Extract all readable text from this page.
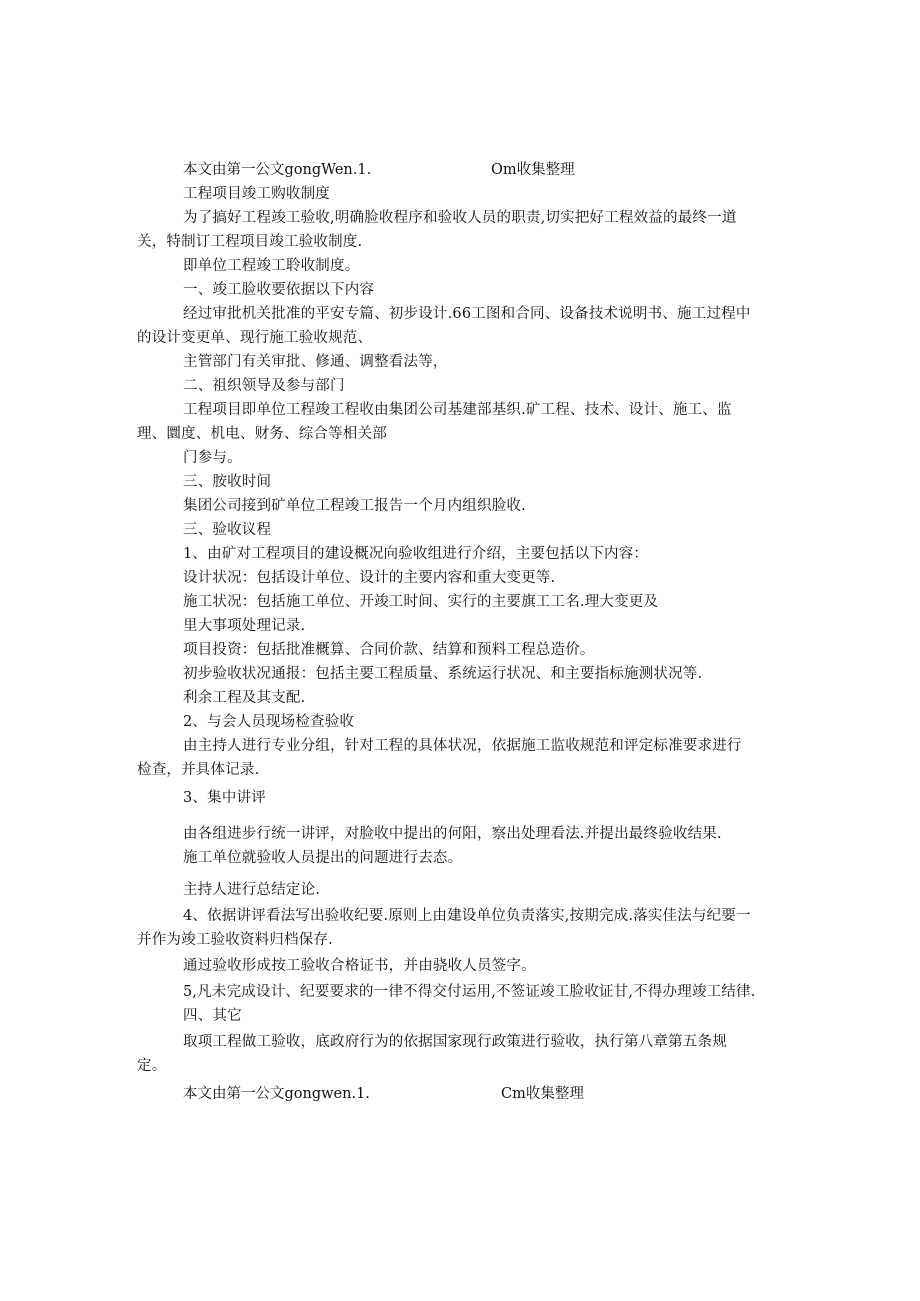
本文由第一公文gongWen.1.	Om收集整理
工程项目竣工购收制度
为了搞好工程竣工验收,明确脸收程序和验收人员的职责,切实把好工程效益的最终一道
关，特制订工程项目竣工验收制度.
即单位工程竣工聆收制度。
一、竣工脸收要依据以下内容
经过审批机关批准的平安专篇、初步设计.66工图和合同、设备技术说明书、施工过程中
的设计变更单、现行施工验收规范、
主管部门有关审批、修通、调整看法等，
二、祖织领导及参与部门
工程项目即单位工程竣工程收由集团公司基建部基织.矿工程、技术、设计、施工、监
理、圜度、机电、财务、综合等相关部
门参与。
三、胺收时间
集团公司接到矿单位工程竣工报告一个月内组织脸收.
三、验收议程
1、由矿对工程项目的建设概况向验收组进行介绍，主要包括以下内容：
设计状况：包括设计单位、设计的主要内容和重大变更等.
施工状况：包括施工单位、开竣工时间、实行的主要旗工工名.理大变更及
里大事项处理记录.
项目投资：包括批准概算、合同价款、结算和预料工程总造价。
初步验收状况通报：包括主要工程质量、系统运行状况、和主要指标施测状况等.
利余工程及其支配.
2、与会人员现场检查验收
由主持人进行专业分组，针对工程的具体状况，依据施工监收规范和评定标准要求进行
检查，并具体记录.
3、集中讲评
由各组进步行统一讲评，对脸收中提出的何阳，察出处理看法.并提出最终验收结果.
施工单位就验收人员提出的问题进行去态。
主持人进行总结定论.
4、依据讲评看法写出验收纪要.原则上由建设单位负责落实,按期完成.落实佳法与纪要一
并作为竣工验收资料归档保存.
通过验收形成按工验收合格证书，并由骁收人员签字。
5,凡未完成设计、纪要要求的一律不得交付运用,不签证竣工脸收证甘,不得办理竣工结律.
四、其它
取项工程做工验收，底政府行为的依据国家现行政策进行验收，执行第八章第五条规
定。
本文由第一公文gongwen.1.	Cm收集整理
